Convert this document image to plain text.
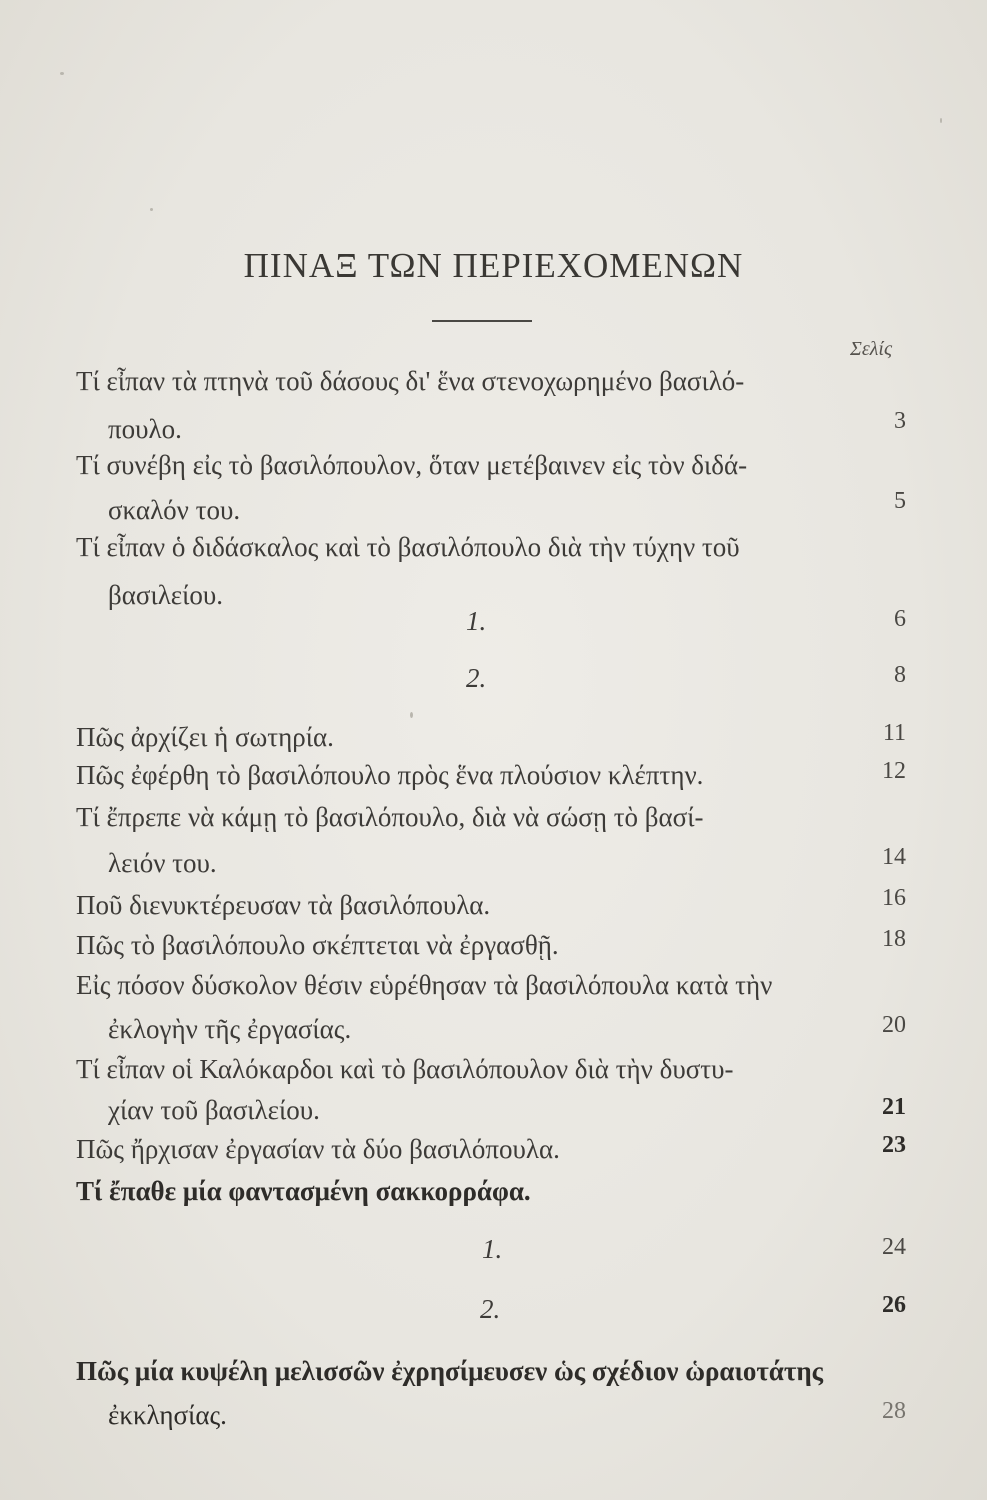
ΠΙΝΑΞ ΤΩΝ ΠΕΡΙΕΧΟΜΕΝΩΝ
Σελίς
Τί εἶπαν τὰ πτηνὰ τοῦ δάσους δι' ἕνα στενοχωρημένο βασιλό-
πουλο.	3
Τί συνέβη εἰς τὸ βασιλόπουλον, ὅταν μετέβαινεν εἰς τὸν διδά-
σκαλόν του.	5
Τί εἶπαν ὁ διδάσκαλος καὶ τὸ βασιλόπουλο διὰ τὴν τύχην τοῦ
βασιλείου.
1.	6
2.	8
Πῶς ἀρχίζει ἡ σωτηρία.	11
Πῶς ἐφέρθη τὸ βασιλόπουλο πρὸς ἕνα πλούσιον κλέπτην.	12
Τί ἔπρεπε νὰ κάμῃ τὸ βασιλόπουλο, διὰ νὰ σώσῃ τὸ βασί-
λειόν του.	14
Ποῦ διενυκτέρευσαν τὰ βασιλόπουλα.	16
Πῶς τὸ βασιλόπουλο σκέπτεται νὰ ἐργασθῇ.	18
Εἰς πόσον δύσκολον θέσιν εὑρέθησαν τὰ βασιλόπουλα κατὰ τὴν
ἐκλογὴν τῆς ἐργασίας.	20
Τί εἶπαν οἱ Καλόκαρδοι καὶ τὸ βασιλόπουλον διὰ τὴν δυστυ-
χίαν τοῦ βασιλείου.	21
Πῶς ἤρχισαν ἐργασίαν τὰ δύο βασιλόπουλα.	23
Τί ἔπαθε μία φαντασμένη σακκορράφα.
1.	24
2.	26
Πῶς μία κυψέλη μελισσῶν ἐχρησίμευσεν ὡς σχέδιον ὡραιοτάτης
ἐκκλησίας.	28
